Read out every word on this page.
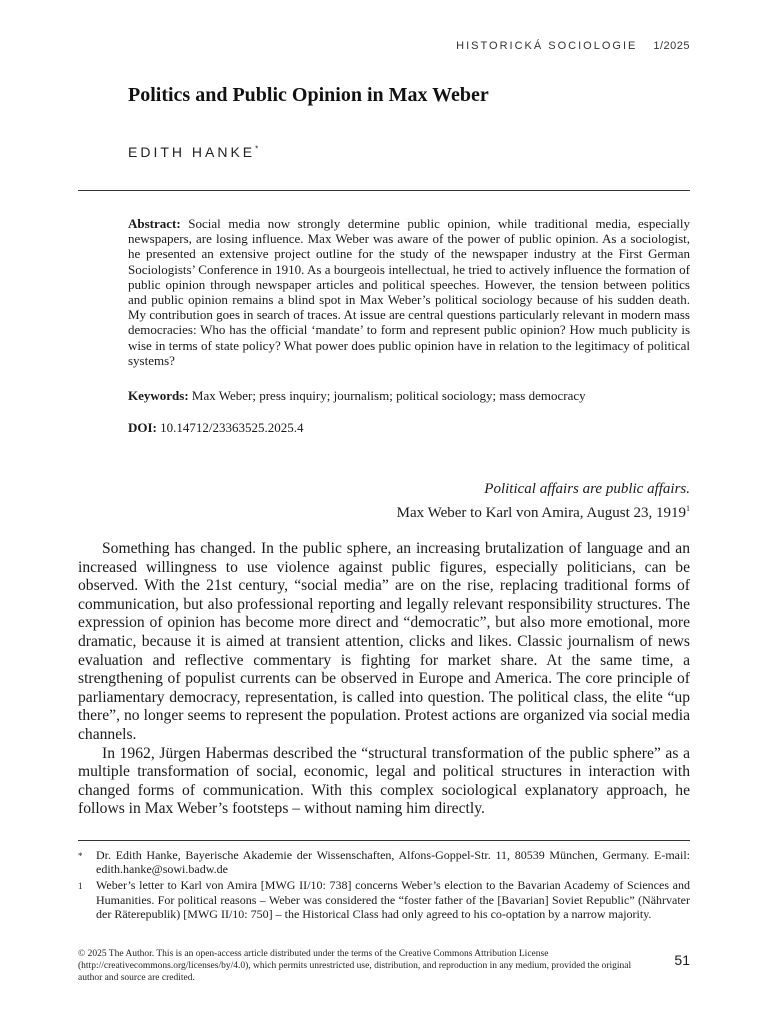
HISTORICKÁ SOCIOLOGIE 1/2025
Politics and Public Opinion in Max Weber
EDITH HANKE*

Abstract: Social media now strongly determine public opinion, while traditional media, especially newspapers, are losing influence. Max Weber was aware of the power of public opinion. As a sociologist, he presented an extensive project outline for the study of the newspaper industry at the First German Sociologists’ Conference in 1910. As a bourgeois intellectual, he tried to actively influence the formation of public opinion through newspaper articles and political speeches. However, the tension between politics and public opinion remains a blind spot in Max Weber’s political sociology because of his sudden death. My contribution goes in search of traces. At issue are central questions particularly relevant in modern mass democracies: Who has the official ‘mandate’ to form and represent public opinion? How much publicity is wise in terms of state policy? What power does public opinion have in relation to the legitimacy of political systems?

Keywords: Max Weber; press inquiry; journalism; political sociology; mass democracy
DOI: 10.14712/23363525.2025.4
Political affairs are public affairs.
Max Weber to Karl von Amira, August 23, 1919$^1$

Something has changed. In the public sphere, an increasing brutalization of language and an increased willingness to use violence against public figures, especially politicians, can be observed. With the 21st century, “social media” are on the rise, replacing traditional forms of communication, but also professional reporting and legally relevant responsibility structures. The expression of opinion has become more direct and “democratic”, but also more emotional, more dramatic, because it is aimed at transient attention, clicks and likes. Classic journalism of news evaluation and reflective commentary is fighting for market share. At the same time, a strengthening of populist currents can be observed in Europe and America. The core principle of parliamentary democracy, representation, is called into question. The political class, the elite “up there”, no longer seems to represent the population. Protest actions are organized via social media channels.

In 1962, Jürgen Habermas described the “structural transformation of the public sphere” as a multiple transformation of social, economic, legal and political structures in interaction with changed forms of communication. With this complex sociological explanatory approach, he follows in Max Weber’s footsteps – without naming him directly.

*	Dr. Edith Hanke, Bayerische Akademie der Wissenschaften, Alfons-Goppel-Str. 11, 80539 München, Germany. E-mail: edith.hanke@sowi.badw.de
1	Weber’s letter to Karl von Amira [MWG II/10: 738] concerns Weber’s election to the Bavarian Academy of Sciences and Humanities. For political reasons – Weber was considered the “foster father of the [Bavarian] Soviet Republic” (Nährvater der Räterepublik) [MWG II/10: 750] – the Historical Class had only agreed to his co-optation by a narrow majority.
© 2025 The Author. This is an open-access article distributed under the terms of the Creative Commons Attribution License (http://creativecommons.org/licenses/by/4.0), which permits unrestricted use, distribution, and reproduction in any medium, provided the original author and source are credited.
51
